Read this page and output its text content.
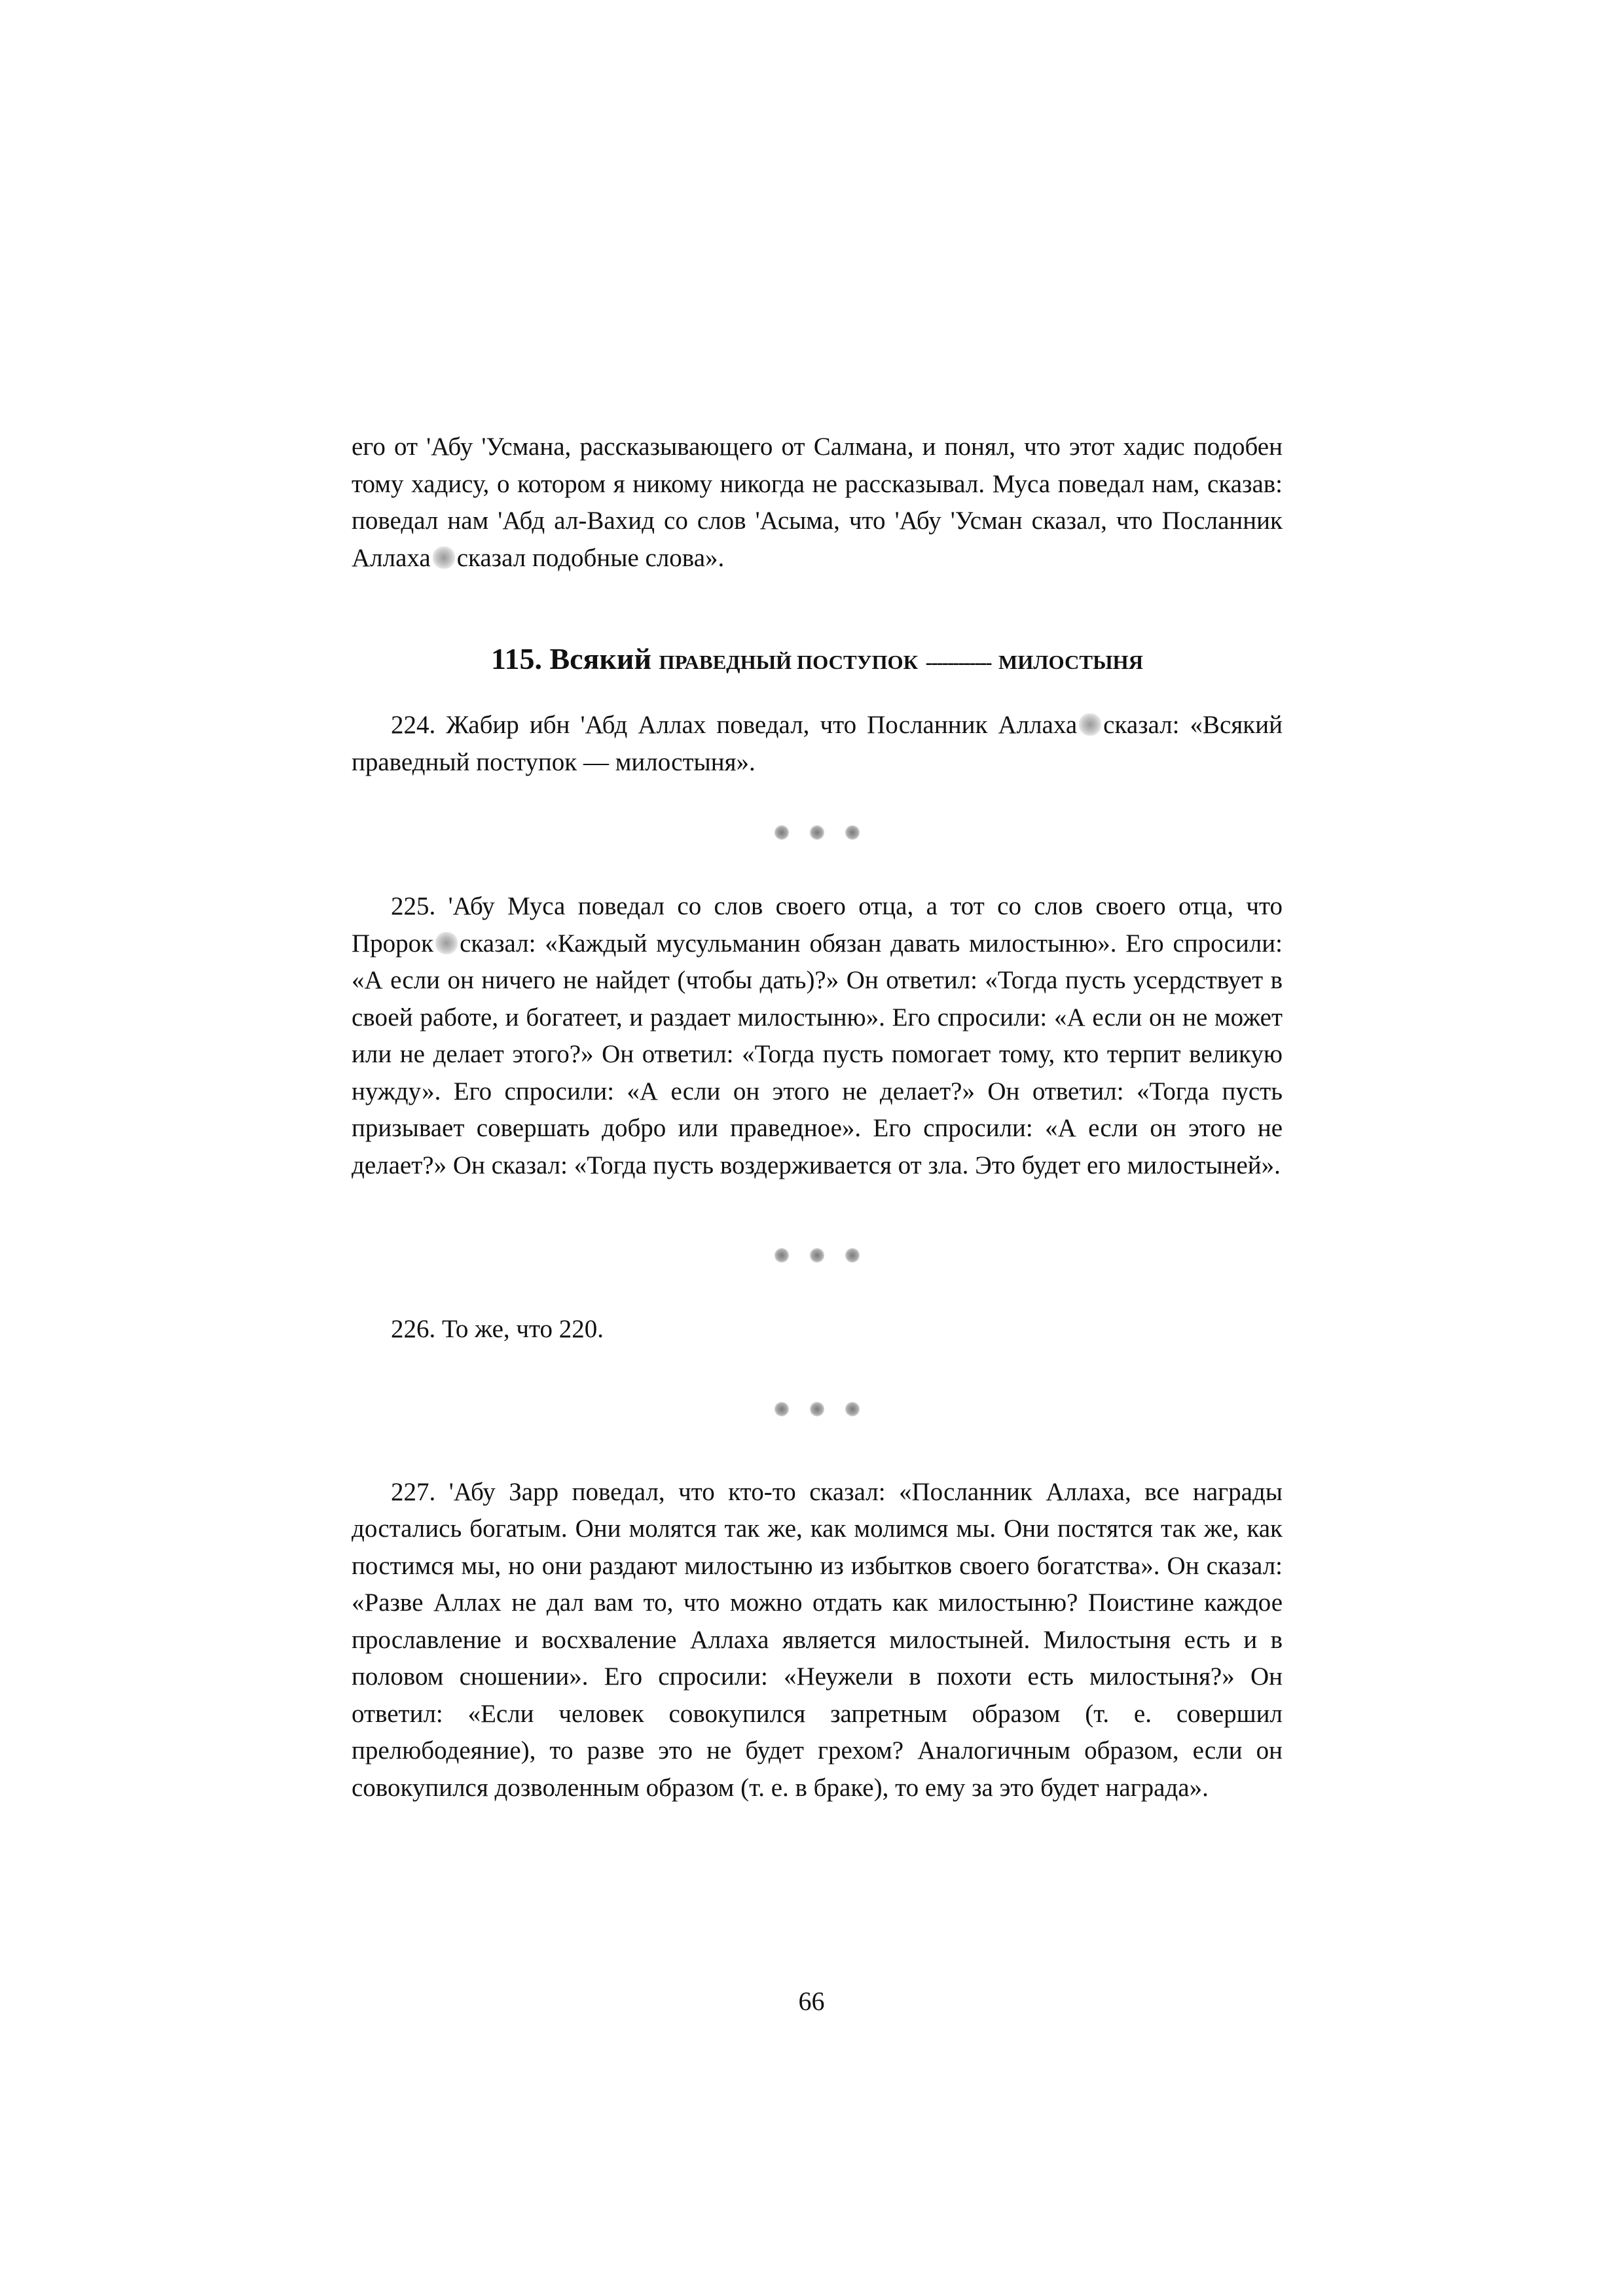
его от 'Абу 'Усмана, рассказывающего от Салмана, и понял, что этот хадис подобен тому хадису, о котором я никому никогда не рассказывал. Муса поведал нам, сказав: поведал нам 'Абд ал-Вахид со слов 'Асыма, что 'Абу 'Усман сказал, что Посланник Аллаха сказал подобные слова».

115. Всякий ПРАВЕДНЫЙ ПОСТУПОК ------------ МИЛОСТЫНЯ

224. Жабир ибн 'Абд Аллах поведал, что Посланник Аллаха сказал: «Всякий праведный поступок — милостыня».

225. 'Абу Муса поведал со слов своего отца, а тот со слов своего отца, что Пророк сказал: «Каждый мусульманин обязан давать милостыню». Его спросили: «А если он ничего не найдет (чтобы дать)?» Он ответил: «Тогда пусть усердствует в своей работе, и богатеет, и раздает милостыню». Его спросили: «А если он не может или не делает этого?» Он ответил: «Тогда пусть помогает тому, кто терпит великую нужду». Его спросили: «А если он этого не делает?» Он ответил: «Тогда пусть призывает совершать добро или праведное». Его спросили: «А если он этого не делает?» Он сказал: «Тогда пусть воздерживается от зла. Это будет его милостыней».

226. То же, что 220.

227. 'Абу Зарр поведал, что кто-то сказал: «Посланник Аллаха, все награды достались богатым. Они молятся так же, как молимся мы. Они постятся так же, как постимся мы, но они раздают милостыню из избытков своего богатства». Он сказал: «Разве Аллах не дал вам то, что можно отдать как милостыню? Поистине каждое прославление и восхваление Аллаха является милостыней. Милостыня есть и в половом сношении». Его спросили: «Неужели в похоти есть милостыня?» Он ответил: «Если человек совокупился запретным образом (т. е. совершил прелюбодеяние), то разве это не будет грехом? Аналогичным образом, если он совокупился дозволенным образом (т. е. в браке), то ему за это будет награда».

66
